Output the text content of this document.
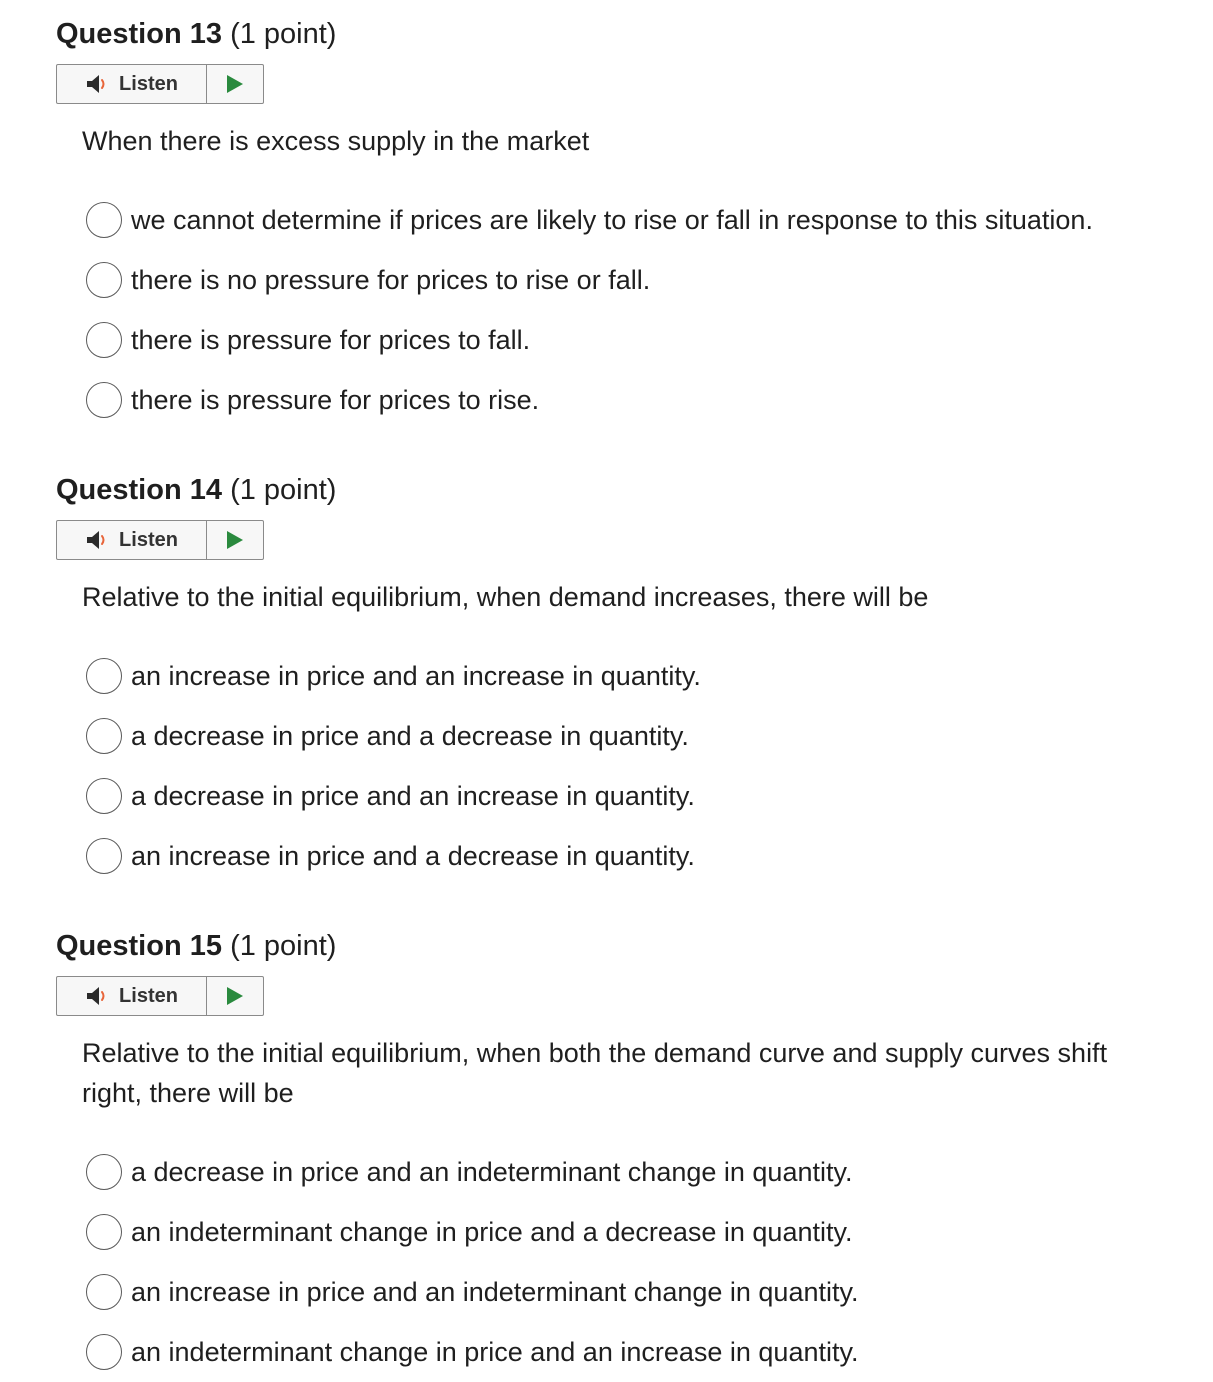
Question 13 (1 point)
Listen

When there is excess supply in the market

we cannot determine if prices are likely to rise or fall in response to this situation.
there is no pressure for prices to rise or fall.
there is pressure for prices to fall.
there is pressure for prices to rise.
Question 14 (1 point)
Listen

Relative to the initial equilibrium, when demand increases, there will be

an increase in price and an increase in quantity.
a decrease in price and a decrease in quantity.
a decrease in price and an increase in quantity.
an increase in price and a decrease in quantity.
Question 15 (1 point)
Listen

Relative to the initial equilibrium, when both the demand curve and supply curves shift right, there will be

a decrease in price and an indeterminant change in quantity.
an indeterminant change in price and a decrease in quantity.
an increase in price and an indeterminant change in quantity.
an indeterminant change in price and an increase in quantity.
